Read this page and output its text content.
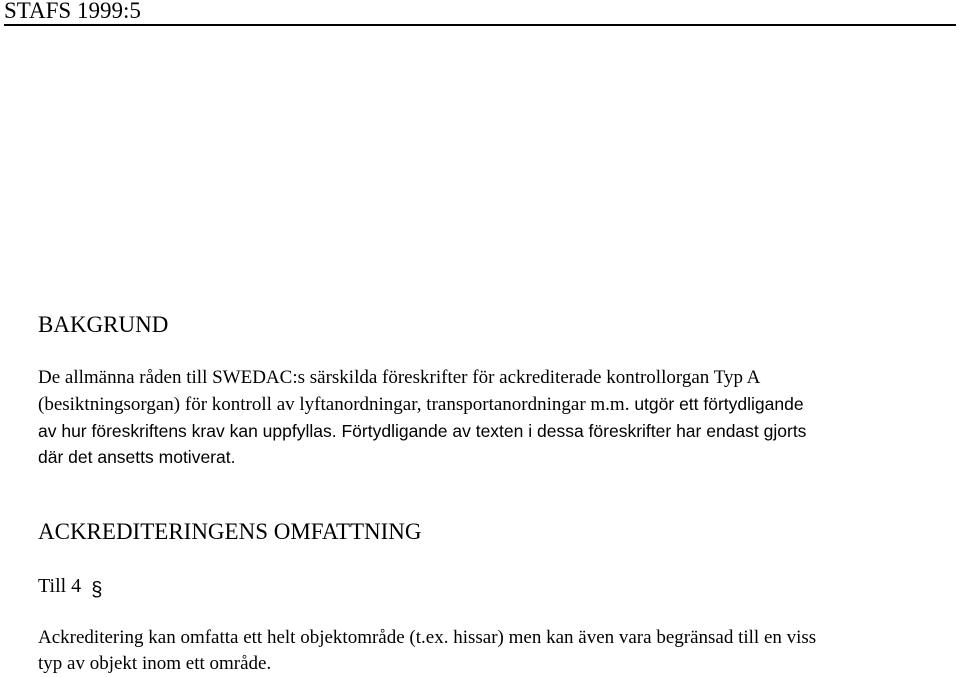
STAFS 1999:5
BAKGRUND
De allmänna råden till SWEDAC:s särskilda föreskrifter för ackrediterade kontrollorgan Typ A
(besiktningsorgan) för kontroll av lyftanordningar, transportanordningar m.m. utgör ett förtydligande
av hur föreskriftens krav kan uppfyllas. Förtydligande av texten i dessa föreskrifter har endast gjorts
där det ansetts motiverat.
ACKREDITERINGENS OMFATTNING
Till 4 §
Ackreditering kan omfatta ett helt objektområde (t.ex. hissar) men kan även vara begränsad till en viss
typ av objekt inom ett område.
